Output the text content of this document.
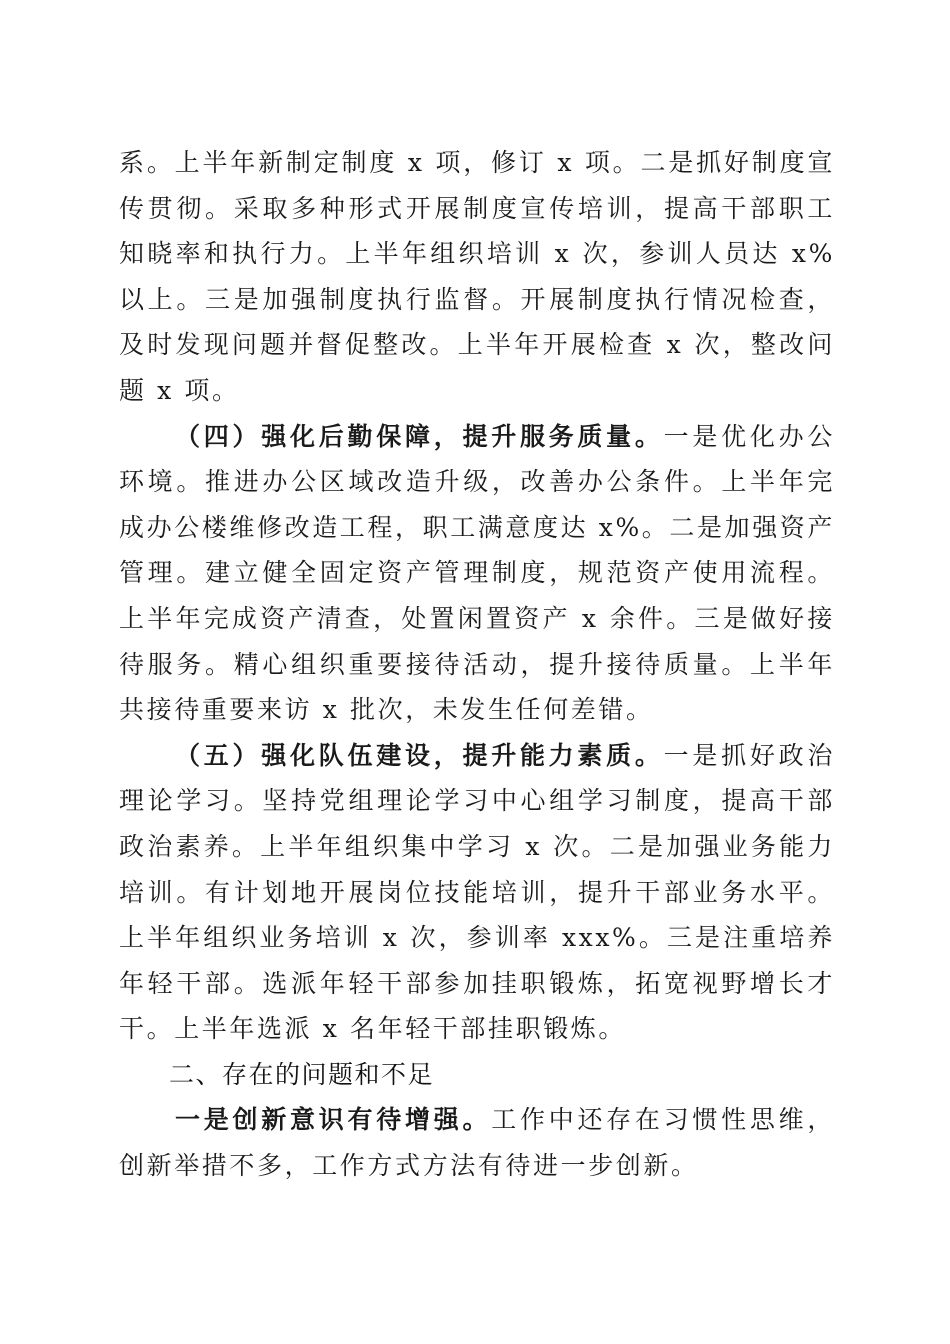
系。上半年新制定制度 x 项，修订 x 项。二是抓好制度宣传贯彻。采取多种形式开展制度宣传培训，提高干部职工知晓率和执行力。上半年组织培训 x 次，参训人员达 x%以上。三是加强制度执行监督。开展制度执行情况检查，及时发现问题并督促整改。上半年开展检查 x 次，整改问题 x 项。

（四）强化后勤保障，提升服务质量。一是优化办公环境。推进办公区域改造升级，改善办公条件。上半年完成办公楼维修改造工程，职工满意度达 x%。二是加强资产管理。建立健全固定资产管理制度，规范资产使用流程。上半年完成资产清查，处置闲置资产 x 余件。三是做好接待服务。精心组织重要接待活动，提升接待质量。上半年共接待重要来访 x 批次，未发生任何差错。

（五）强化队伍建设，提升能力素质。一是抓好政治理论学习。坚持党组理论学习中心组学习制度，提高干部政治素养。上半年组织集中学习 x 次。二是加强业务能力培训。有计划地开展岗位技能培训，提升干部业务水平。上半年组织业务培训 x 次，参训率 xxx%。三是注重培养年轻干部。选派年轻干部参加挂职锻炼，拓宽视野增长才干。上半年选派 x 名年轻干部挂职锻炼。

二、存在的问题和不足

一是创新意识有待增强。工作中还存在习惯性思维，创新举措不多，工作方式方法有待进一步创新。
